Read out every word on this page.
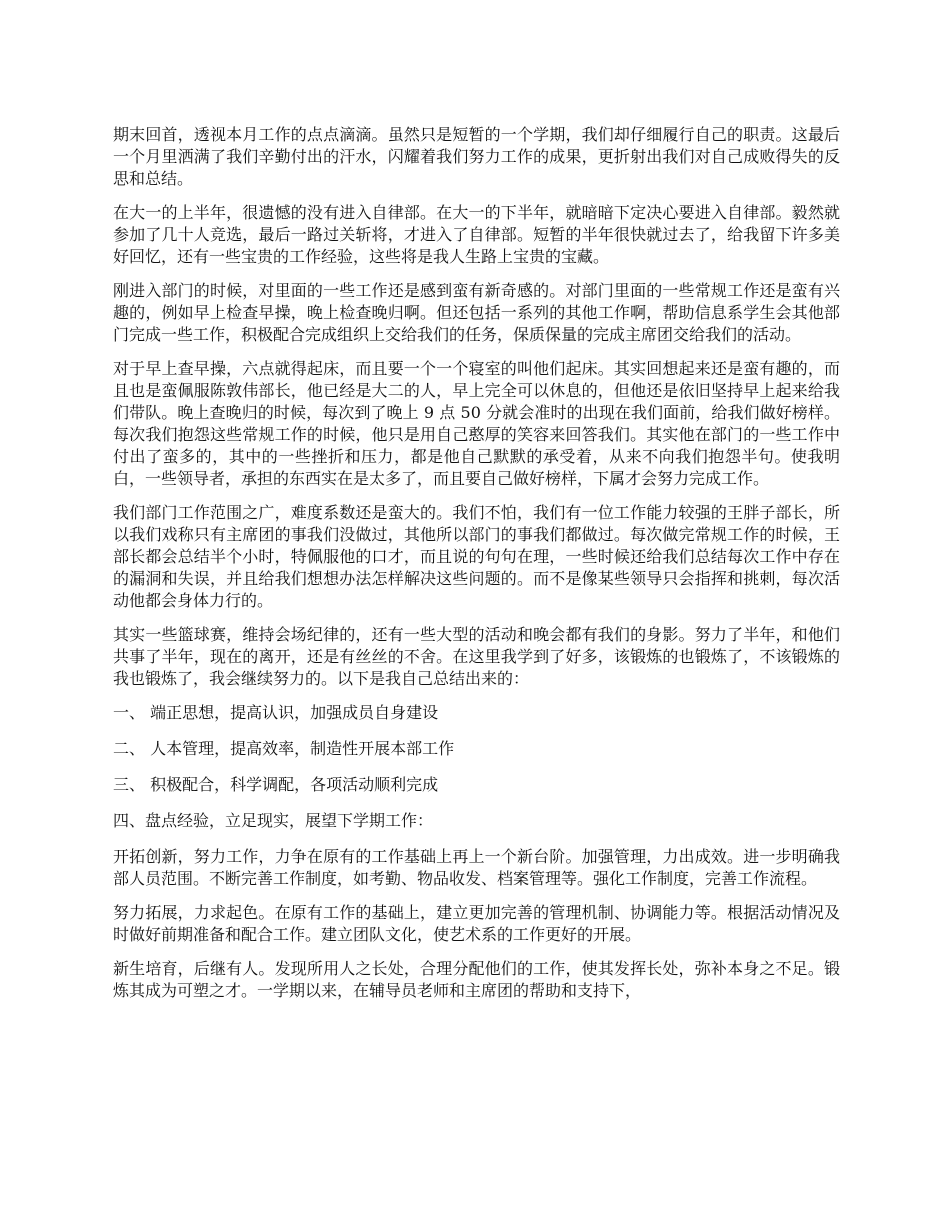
期末回首，透视本月工作的点点滴滴。虽然只是短暂的一个学期，我们却仔细履行自己的职责。这最后一个月里洒满了我们辛勤付出的汗水，闪耀着我们努力工作的成果，更折射出我们对自己成败得失的反思和总结。

在大一的上半年，很遗憾的没有进入自律部。在大一的下半年，就暗暗下定决心要进入自律部。毅然就参加了几十人竞选，最后一路过关斩将，才进入了自律部。短暂的半年很快就过去了，给我留下许多美好回忆，还有一些宝贵的工作经验，这些将是我人生路上宝贵的宝藏。

刚进入部门的时候，对里面的一些工作还是感到蛮有新奇感的。对部门里面的一些常规工作还是蛮有兴趣的，例如早上检查早操，晚上检查晚归啊。但还包括一系列的其他工作啊，帮助信息系学生会其他部门完成一些工作，积极配合完成组织上交给我们的任务，保质保量的完成主席团交给我们的活动。

对于早上查早操，六点就得起床，而且要一个一个寝室的叫他们起床。其实回想起来还是蛮有趣的，而且也是蛮佩服陈敦伟部长，他已经是大二的人，早上完全可以休息的，但他还是依旧坚持早上起来给我们带队。晚上查晚归的时候，每次到了晚上 9 点 50 分就会准时的出现在我们面前，给我们做好榜样。每次我们抱怨这些常规工作的时候，他只是用自己憨厚的笑容来回答我们。其实他在部门的一些工作中付出了蛮多的，其中的一些挫折和压力，都是他自己默默的承受着，从来不向我们抱怨半句。使我明白，一些领导者，承担的东西实在是太多了，而且要自己做好榜样，下属才会努力完成工作。

我们部门工作范围之广，难度系数还是蛮大的。我们不怕，我们有一位工作能力较强的王胖子部长，所以我们戏称只有主席团的事我们没做过，其他所以部门的事我们都做过。每次做完常规工作的时候，王部长都会总结半个小时，特佩服他的口才，而且说的句句在理，一些时候还给我们总结每次工作中存在的漏洞和失误，并且给我们想想办法怎样解决这些问题的。而不是像某些领导只会指挥和挑刺，每次活动他都会身体力行的。

其实一些篮球赛，维持会场纪律的，还有一些大型的活动和晚会都有我们的身影。努力了半年，和他们共事了半年，现在的离开，还是有丝丝的不舍。在这里我学到了好多，该锻炼的也锻炼了，不该锻炼的我也锻炼了，我会继续努力的。以下是我自己总结出来的：

一、 端正思想，提高认识，加强成员自身建设

二、 人本管理，提高效率，制造性开展本部工作

三、 积极配合，科学调配，各项活动顺利完成

四、盘点经验，立足现实，展望下学期工作：

开拓创新，努力工作，力争在原有的工作基础上再上一个新台阶。加强管理，力出成效。进一步明确我部人员范围。不断完善工作制度，如考勤、物品收发、档案管理等。强化工作制度，完善工作流程。

努力拓展，力求起色。在原有工作的基础上，建立更加完善的管理机制、协调能力等。根据活动情况及时做好前期准备和配合工作。建立团队文化，使艺术系的工作更好的开展。

新生培育，后继有人。发现所用人之长处，合理分配他们的工作，使其发挥长处，弥补本身之不足。锻炼其成为可塑之才。一学期以来，在辅导员老师和主席团的帮助和支持下，
